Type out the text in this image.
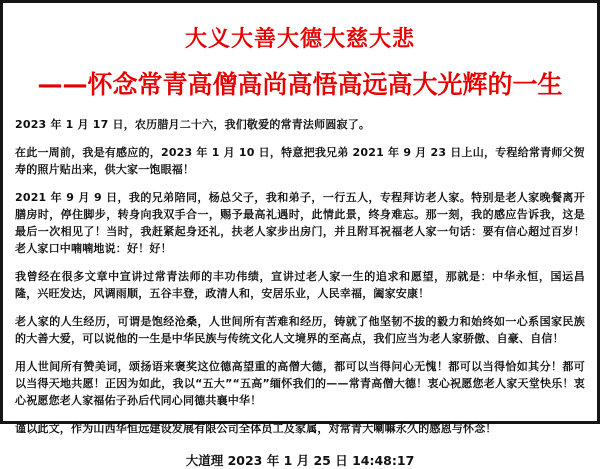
大义大善大德大慈大悲
——怀念常青高僧高尚高悟高远高大光辉的一生

2023 年 1 月 17 日，农历腊月二十六，我们敬爱的常青法师圆寂了。

在此一周前，我是有感应的，2023 年 1 月 10 日，特意把我兄弟 2021 年 9 月 23 日上山，专程给常青师父贺寿的照片贴出来，供大家一饱眼福！

2021 年 9 月 9 日，我的兄弟陪同，杨总父子，我和弟子，一行五人，专程拜访老人家。特别是老人家晚餐离开膳房时，停住脚步，转身向我双手合一，赐予最高礼遇时，此情此景，终身难忘。那一刻，我的感应告诉我，这是最后一次相见了！当时，我赶紧起身还礼，扶老人家步出房门，并且附耳祝福老人家一句话：要有信心超过百岁！老人家口中喃喃地说：好！好！

我曾经在很多文章中宣讲过常青法师的丰功伟绩，宣讲过老人家一生的追求和愿望，那就是：中华永恒，国运昌隆，兴旺发达，风调雨顺，五谷丰登，政清人和，安居乐业，人民幸福，阖家安康！

老人家的人生经历，可谓是饱经沧桑，人世间所有苦难和经历，铸就了他坚韧不拔的毅力和始终如一心系国家民族的大善大爱，可以说他的一生是中华民族与传统文化人文境界的至高点，我们应当为老人家骄傲、自豪、自信！

用人世间所有赞美词，颂扬语来褒奖这位德高望重的高僧大德，都可以当得问心无愧！都可以当得恰如其分！都可以当得天地共愿！正因为如此，我以“五大”“五高”缅怀我们的——常青高僧大德！衷心祝愿您老人家天堂快乐！衷心祝愿您老人家福佑子孙后代同心同德共襄中华！

谨以此文，作为山西华恒远建设发展有限公司全体员工及家属，对常青大喇嘛永久的感恩与怀念！

大道理 2023 年 1 月 25 日 14:48:17
